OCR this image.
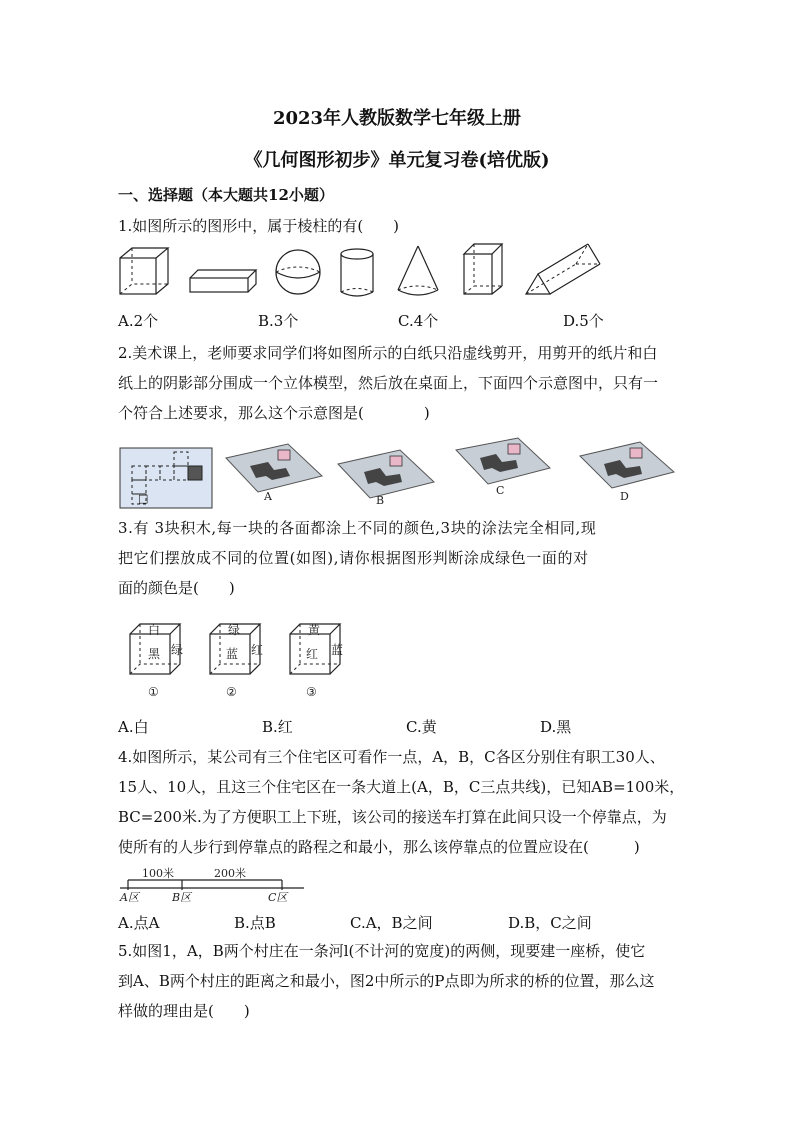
2023年人教版数学七年级上册
《几何图形初步》单元复习卷(培优版)
一、选择题（本大题共12小题）
1.如图所示的图形中，属于棱柱的有(　　)
A.2个	B.3个	C.4个	D.5个
2.美术课上，老师要求同学们将如图所示的白纸只沿虚线剪开，用剪开的纸片和白
纸上的阴影部分围成一个立体模型，然后放在桌面上，下面四个示意图中，只有一
个符合上述要求，那么这个示意图是(　　　　)
□	A	B
C	D
3.有 3块积木,每一块的各面都涂上不同的颜色,3块的涂法完全相同,现
把它们摆放成不同的位置(如图),请你根据图形判断涂成绿色一面的对
面的颜色是(　　)
白
黑 绿
①
绿
蓝 红
②
黄
红 蓝
③
A.白	B.红	C.黄	D.黑
4.如图所示，某公司有三个住宅区可看作一点，A，B，C各区分别住有职工30人、
15人、10人，且这三个住宅区在一条大道上(A，B，C三点共线)，已知AB=100米，
BC=200米.为了方便职工上下班，该公司的接送车打算在此间只设一个停靠点，为
使所有的人步行到停靠点的路程之和最小，那么该停靠点的位置应设在(　　　)
100米	200米
A区	B区	C区
A.点A	B.点B	C.A，B之间	D.B，C之间
5.如图1，A，B两个村庄在一条河l(不计河的宽度)的两侧，现要建一座桥，使它
到A、B两个村庄的距离之和最小，图2中所示的P点即为所求的桥的位置，那么这
样做的理由是(　　)
